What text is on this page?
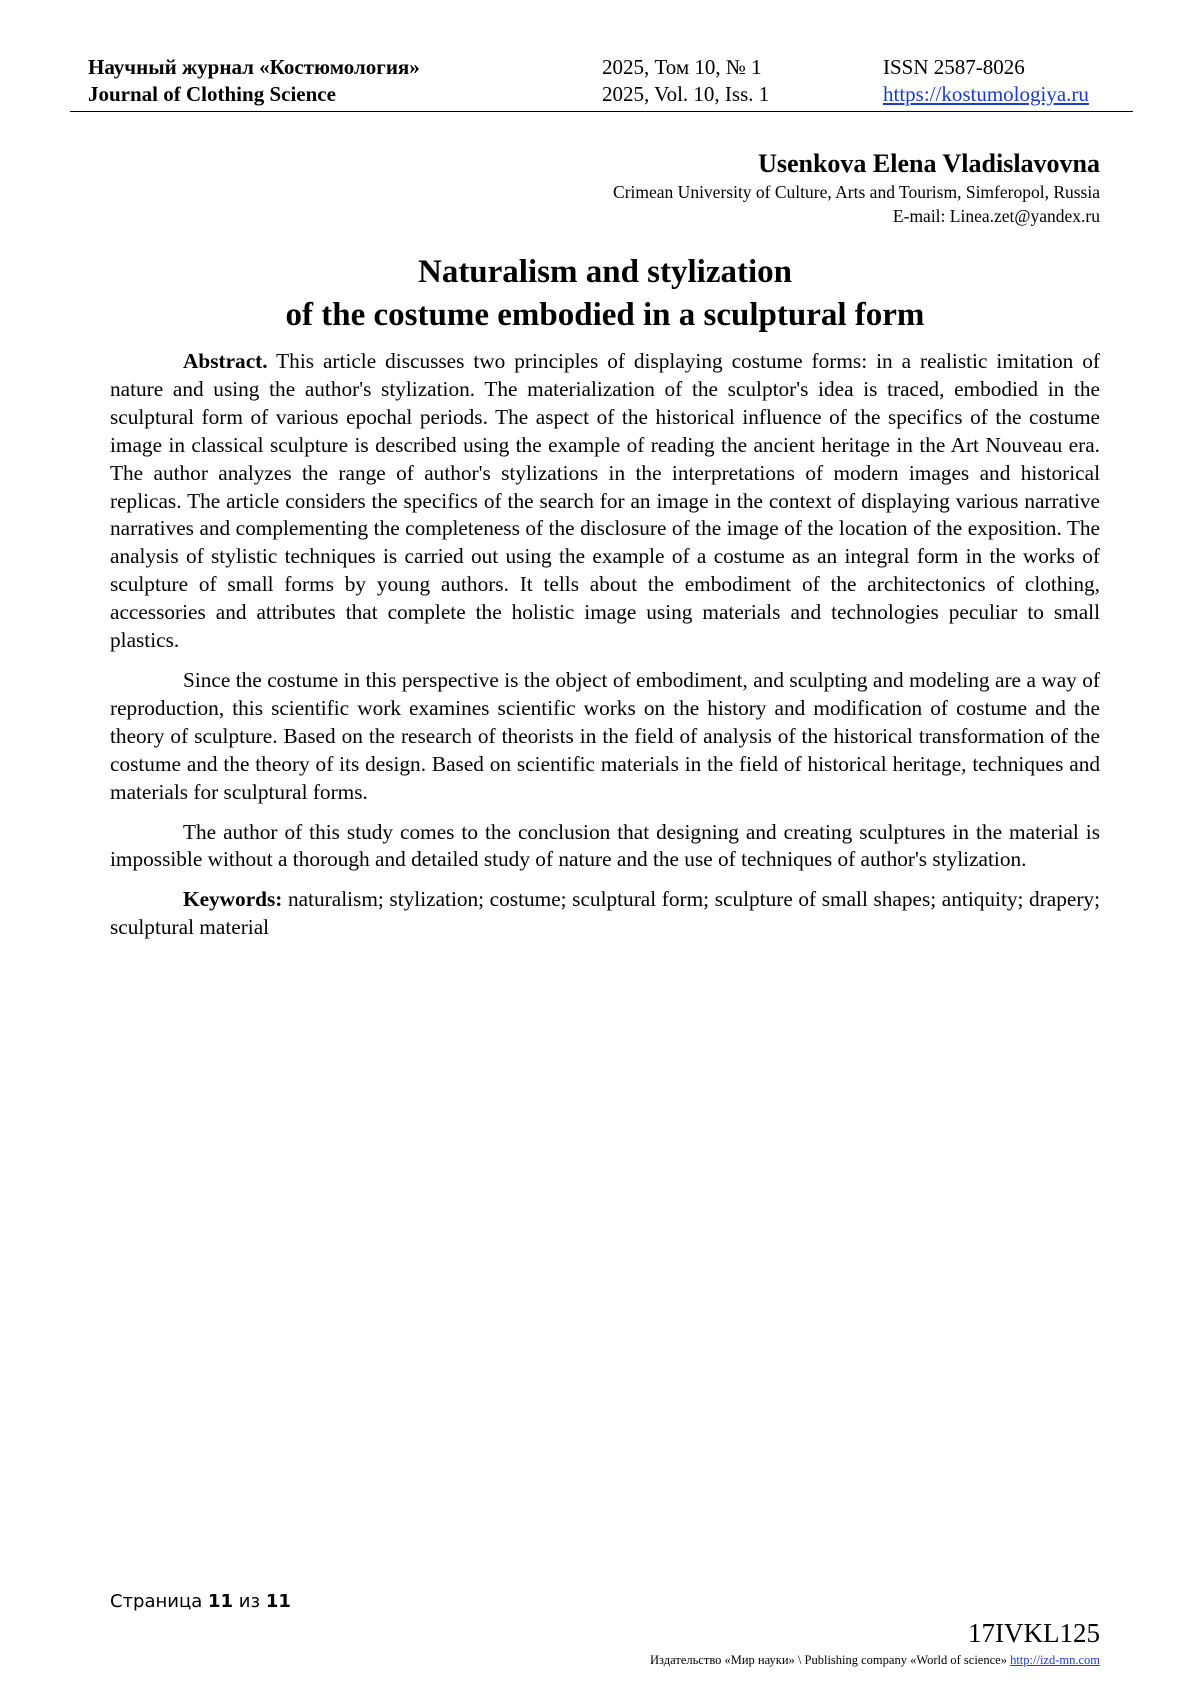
Научный журнал «Костюмология»
Journal of Clothing Science
2025, Том 10, № 1
2025, Vol. 10, Iss. 1
ISSN 2587-8026
https://kostumologiya.ru
Usenkova Elena Vladislavovna
Crimean University of Culture, Arts and Tourism, Simferopol, Russia
E-mail: Linea.zet@yandex.ru
Naturalism and stylization
of the costume embodied in a sculptural form

Abstract. This article discusses two principles of displaying costume forms: in a realistic imitation of nature and using the author's stylization. The materialization of the sculptor's idea is traced, embodied in the sculptural form of various epochal periods. The aspect of the historical influence of the specifics of the costume image in classical sculpture is described using the example of reading the ancient heritage in the Art Nouveau era. The author analyzes the range of author's stylizations in the interpretations of modern images and historical replicas. The article considers the specifics of the search for an image in the context of displaying various narrative narratives and complementing the completeness of the disclosure of the image of the location of the exposition. The analysis of stylistic techniques is carried out using the example of a costume as an integral form in the works of sculpture of small forms by young authors. It tells about the embodiment of the architectonics of clothing, accessories and attributes that complete the holistic image using materials and technologies peculiar to small plastics.

Since the costume in this perspective is the object of embodiment, and sculpting and modeling are a way of reproduction, this scientific work examines scientific works on the history and modification of costume and the theory of sculpture. Based on the research of theorists in the field of analysis of the historical transformation of the costume and the theory of its design. Based on scientific materials in the field of historical heritage, techniques and materials for sculptural forms.

The author of this study comes to the conclusion that designing and creating sculptures in the material is impossible without a thorough and detailed study of nature and the use of techniques of author's stylization.

Keywords: naturalism; stylization; costume; sculptural form; sculpture of small shapes; antiquity; drapery; sculptural material

Страница 11 из 11
17IVKL125
Издательство «Мир науки» \ Publishing company «World of science» http://izd-mn.com
